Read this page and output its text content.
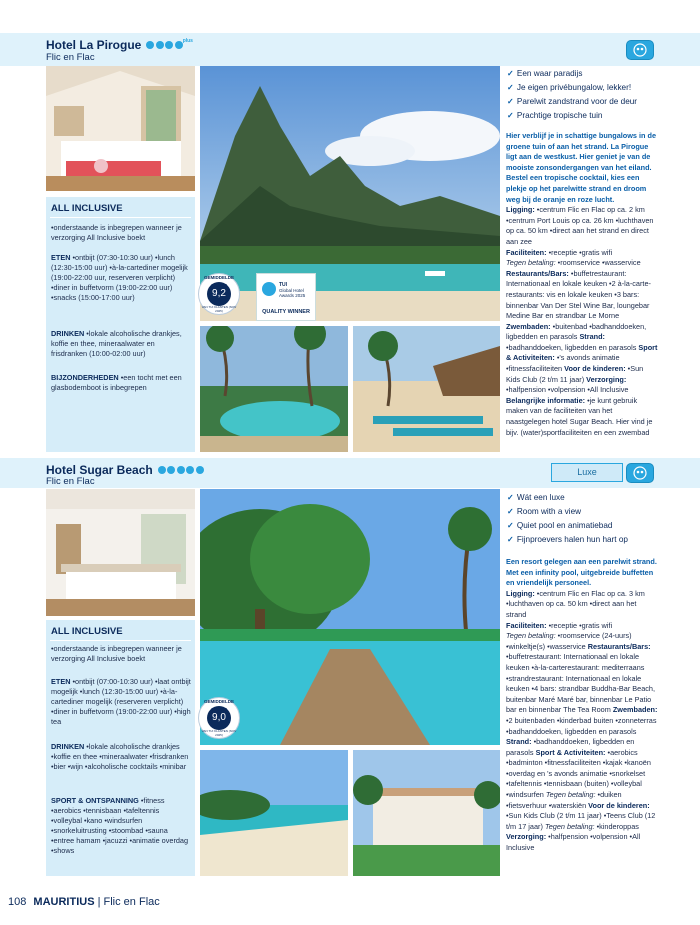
Hotel La Pirogue	$^{plus}$
Flic en Flac
GEMIDDELDE
9,2
VAN TUI KLANTEN (NOV 2025)
TUI
Global Hotel
Awards 2025
QUALITY WINNER
ALL INCLUSIVE
•onderstaande is inbegrepen wanneer je verzorging All Inclusive boekt
ETEN •ontbijt (07:30-10:30 uur) •lunch (12:30-15:00 uur) •à-la-cartediner mogelijk (19:00-22:00 uur, reserveren verplicht) •diner in buffetvorm (19:00-22:00 uur) •snacks (15:00-17:00 uur)
DRINKEN •lokale alcoholische drankjes, koffie en thee, mineraalwater en frisdranken (10:00-02:00 uur)
BIJZONDERHEDEN •een tocht met een glasbodemboot is inbegrepen
✓ Een waar paradijs
✓ Je eigen privébungalow, lekker!
✓ Parelwit zandstrand voor de deur
✓ Prachtige tropische tuin
Hier verblijf je in schattige bungalows in de groene tuin of aan het strand. La Pirogue ligt aan de westkust. Hier geniet je van de mooiste zonsondergangen van het eiland. Bestel een tropische cocktail, kies een plekje op het parelwitte strand en droom weg bij de oranje en roze lucht.
Ligging: •centrum Flic en Flac op ca. 2 km •centrum Port Louis op ca. 26 km •luchthaven op ca. 50 km •direct aan het strand en direct aan zee
Faciliteiten: •receptie •gratis wifi
Tegen betaling: •roomservice •wasservice Restaurants/Bars: •buffetrestaurant: Internationaal en lokale keuken •2 à-la-carte-restaurants: vis en lokale keuken •3 bars: binnenbar Van Der Stel Wine Bar, loungebar Medine Bar en strandbar Le Morne Zwembaden: •buitenbad •badhanddoeken, ligbedden en parasols Strand: •badhanddoeken, ligbedden en parasols Sport & Activiteiten: •'s avonds animatie •fitnessfaciliteiten Voor de kinderen: •Sun Kids Club (2 t/m 11 jaar) Verzorging: •halfpension •volpension •All Inclusive Belangrijke informatie: •je kunt gebruik maken van de faciliteiten van het naastgelegen hotel Sugar Beach. Hier vind je bijv. (water)sportfaciliteiten en een zwembad
Hotel Sugar Beach
Flic en Flac
Luxe
GEMIDDELDE
9,0
VAN TUI KLANTEN (NOV 2025)
ALL INCLUSIVE
•onderstaande is inbegrepen wanneer je verzorging All Inclusive boekt
ETEN •ontbijt (07:00-10:30 uur) •laat ontbijt mogelijk •lunch (12:30-15:00 uur) •à-la-cartediner mogelijk (reserveren verplicht) •diner in buffetvorm (19:00-22:00 uur) •high tea
DRINKEN •lokale alcoholische drankjes •koffie en thee •mineraalwater •frisdranken •bier •wijn •alcoholische cocktails •minibar
SPORT & ONTSPANNING •fitness •aerobics •tennisbaan •tafeltennis •volleybal •kano •windsurfen •snorkeluitrusting •stoombad •sauna •entree hamam •jacuzzi •animatie overdag •shows
✓ Wát een luxe
✓ Room with a view
✓ Quiet pool en animatiebad
✓ Fijnproevers halen hun hart op
Een resort gelegen aan een parelwit strand. Met een infinity pool, uitgebreide buffetten en vriendelijk personeel.
Ligging: •centrum Flic en Flac op ca. 3 km •luchthaven op ca. 50 km •direct aan het strand
Faciliteiten: •receptie •gratis wifi
Tegen betaling: •roomservice (24-uurs) •winkeltje(s) •wasservice Restaurants/Bars: •buffetrestaurant: Internationaal en lokale keuken •à-la-carterestaurant: mediterraans •strandrestaurant: Internationaal en lokale keuken •4 bars: strandbar Buddha-Bar Beach, buitenbar Maré Maré bar, binnenbar Le Patio bar en binnenbar The Tea Room Zwembaden: •2 buitenbaden •kinderbad buiten •zonneterras •badhanddoeken, ligbedden en parasols Strand: •badhanddoeken, ligbedden en parasols Sport & Activiteiten: •aerobics •badminton •fitnessfaciliteiten •kajak •kanoën •overdag en 's avonds animatie •snorkelset •tafeltennis •tennisbaan (buiten) •volleybal •windsurfen Tegen betaling: •duiken •fietsverhuur •waterskiën Voor de kinderen: •Sun Kids Club (2 t/m 11 jaar) •Teens Club (12 t/m 17 jaar) Tegen betaling: •kinderoppas Verzorging: •halfpension •volpension •All Inclusive
108 MAURITIUS | Flic en Flac
